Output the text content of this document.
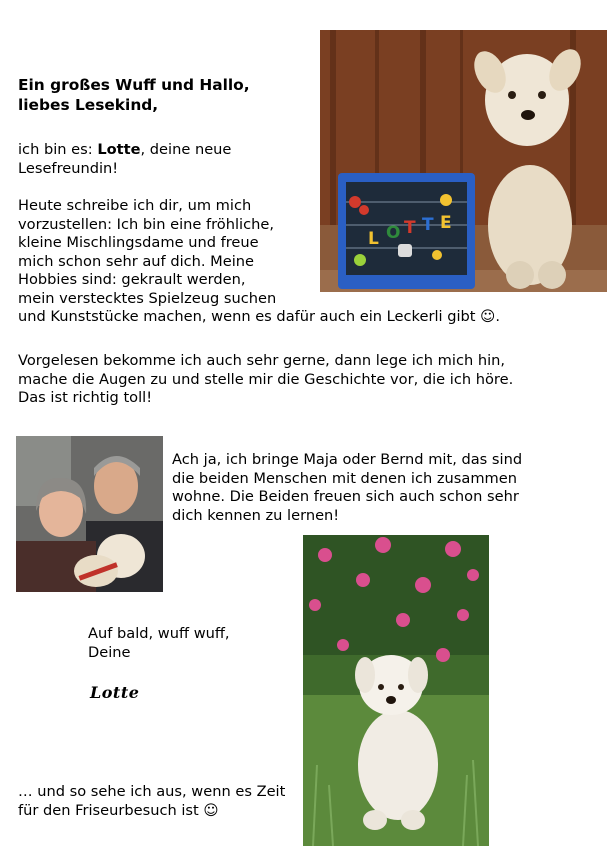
Ein großes Wuff und Hallo,
liebes Lesekind,
ich bin es: Lotte, deine neue
Lesefreundin!
Heute schreibe ich dir, um mich
vorzustellen: Ich bin eine fröhliche,
kleine Mischlingsdame und freue
mich schon sehr auf dich. Meine
Hobbies sind: gekrault werden,
mein verstecktes Spielzeug suchen
und Kunststücke machen, wenn es dafür auch ein Leckerli gibt ☺.
Vorgelesen bekomme ich auch sehr gerne, dann lege ich mich hin,
mache die Augen zu und stelle mir die Geschichte vor, die ich höre.
Das ist richtig toll!
Ach ja, ich bringe Maja oder Bernd mit, das sind
die beiden Menschen mit denen ich zusammen
wohne. Die Beiden freuen sich auch schon sehr
dich kennen zu lernen!
Auf bald, wuff wuff,
Deine
Lotte
… und so sehe ich aus, wenn es Zeit
für den Friseurbesuch ist ☺
L O T T E
